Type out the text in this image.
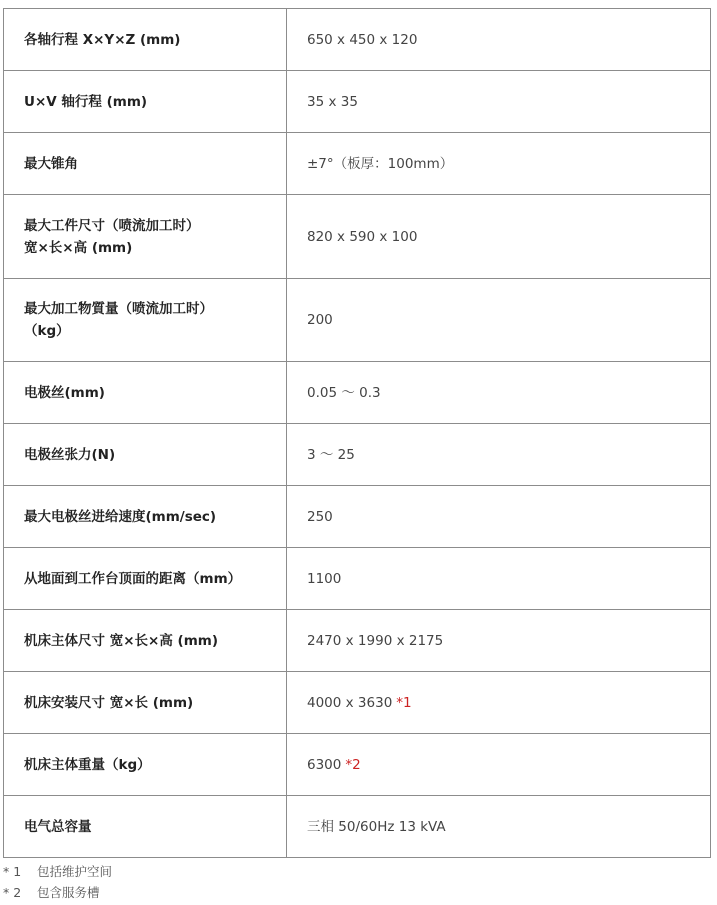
各轴行程 X×Y×Z (mm)	650 x 450 x 120
U×V 轴行程 (mm)	35 x 35
最大锥角	±7°（板厚：100mm）
最大工件尺寸（喷流加工时）
宽×长×高 (mm)	820 x 590 x 100
最大加工物質量（喷流加工时）
（kg）	200
电极丝(mm)	0.05 ～ 0.3
电极丝张力(N)	3 ～ 25
最大电极丝进给速度(mm/sec)	250
从地面到工作台顶面的距离（mm）	1100
机床主体尺寸 宽×长×高 (mm)	2470 x 1990 x 2175
机床安装尺寸 宽×长 (mm)	4000 x 3630 *1
机床主体重量（kg）	6300 *2
电气总容量	三相 50/60Hz 13 kVA
* 1 包括维护空间
* 2 包含服务槽
